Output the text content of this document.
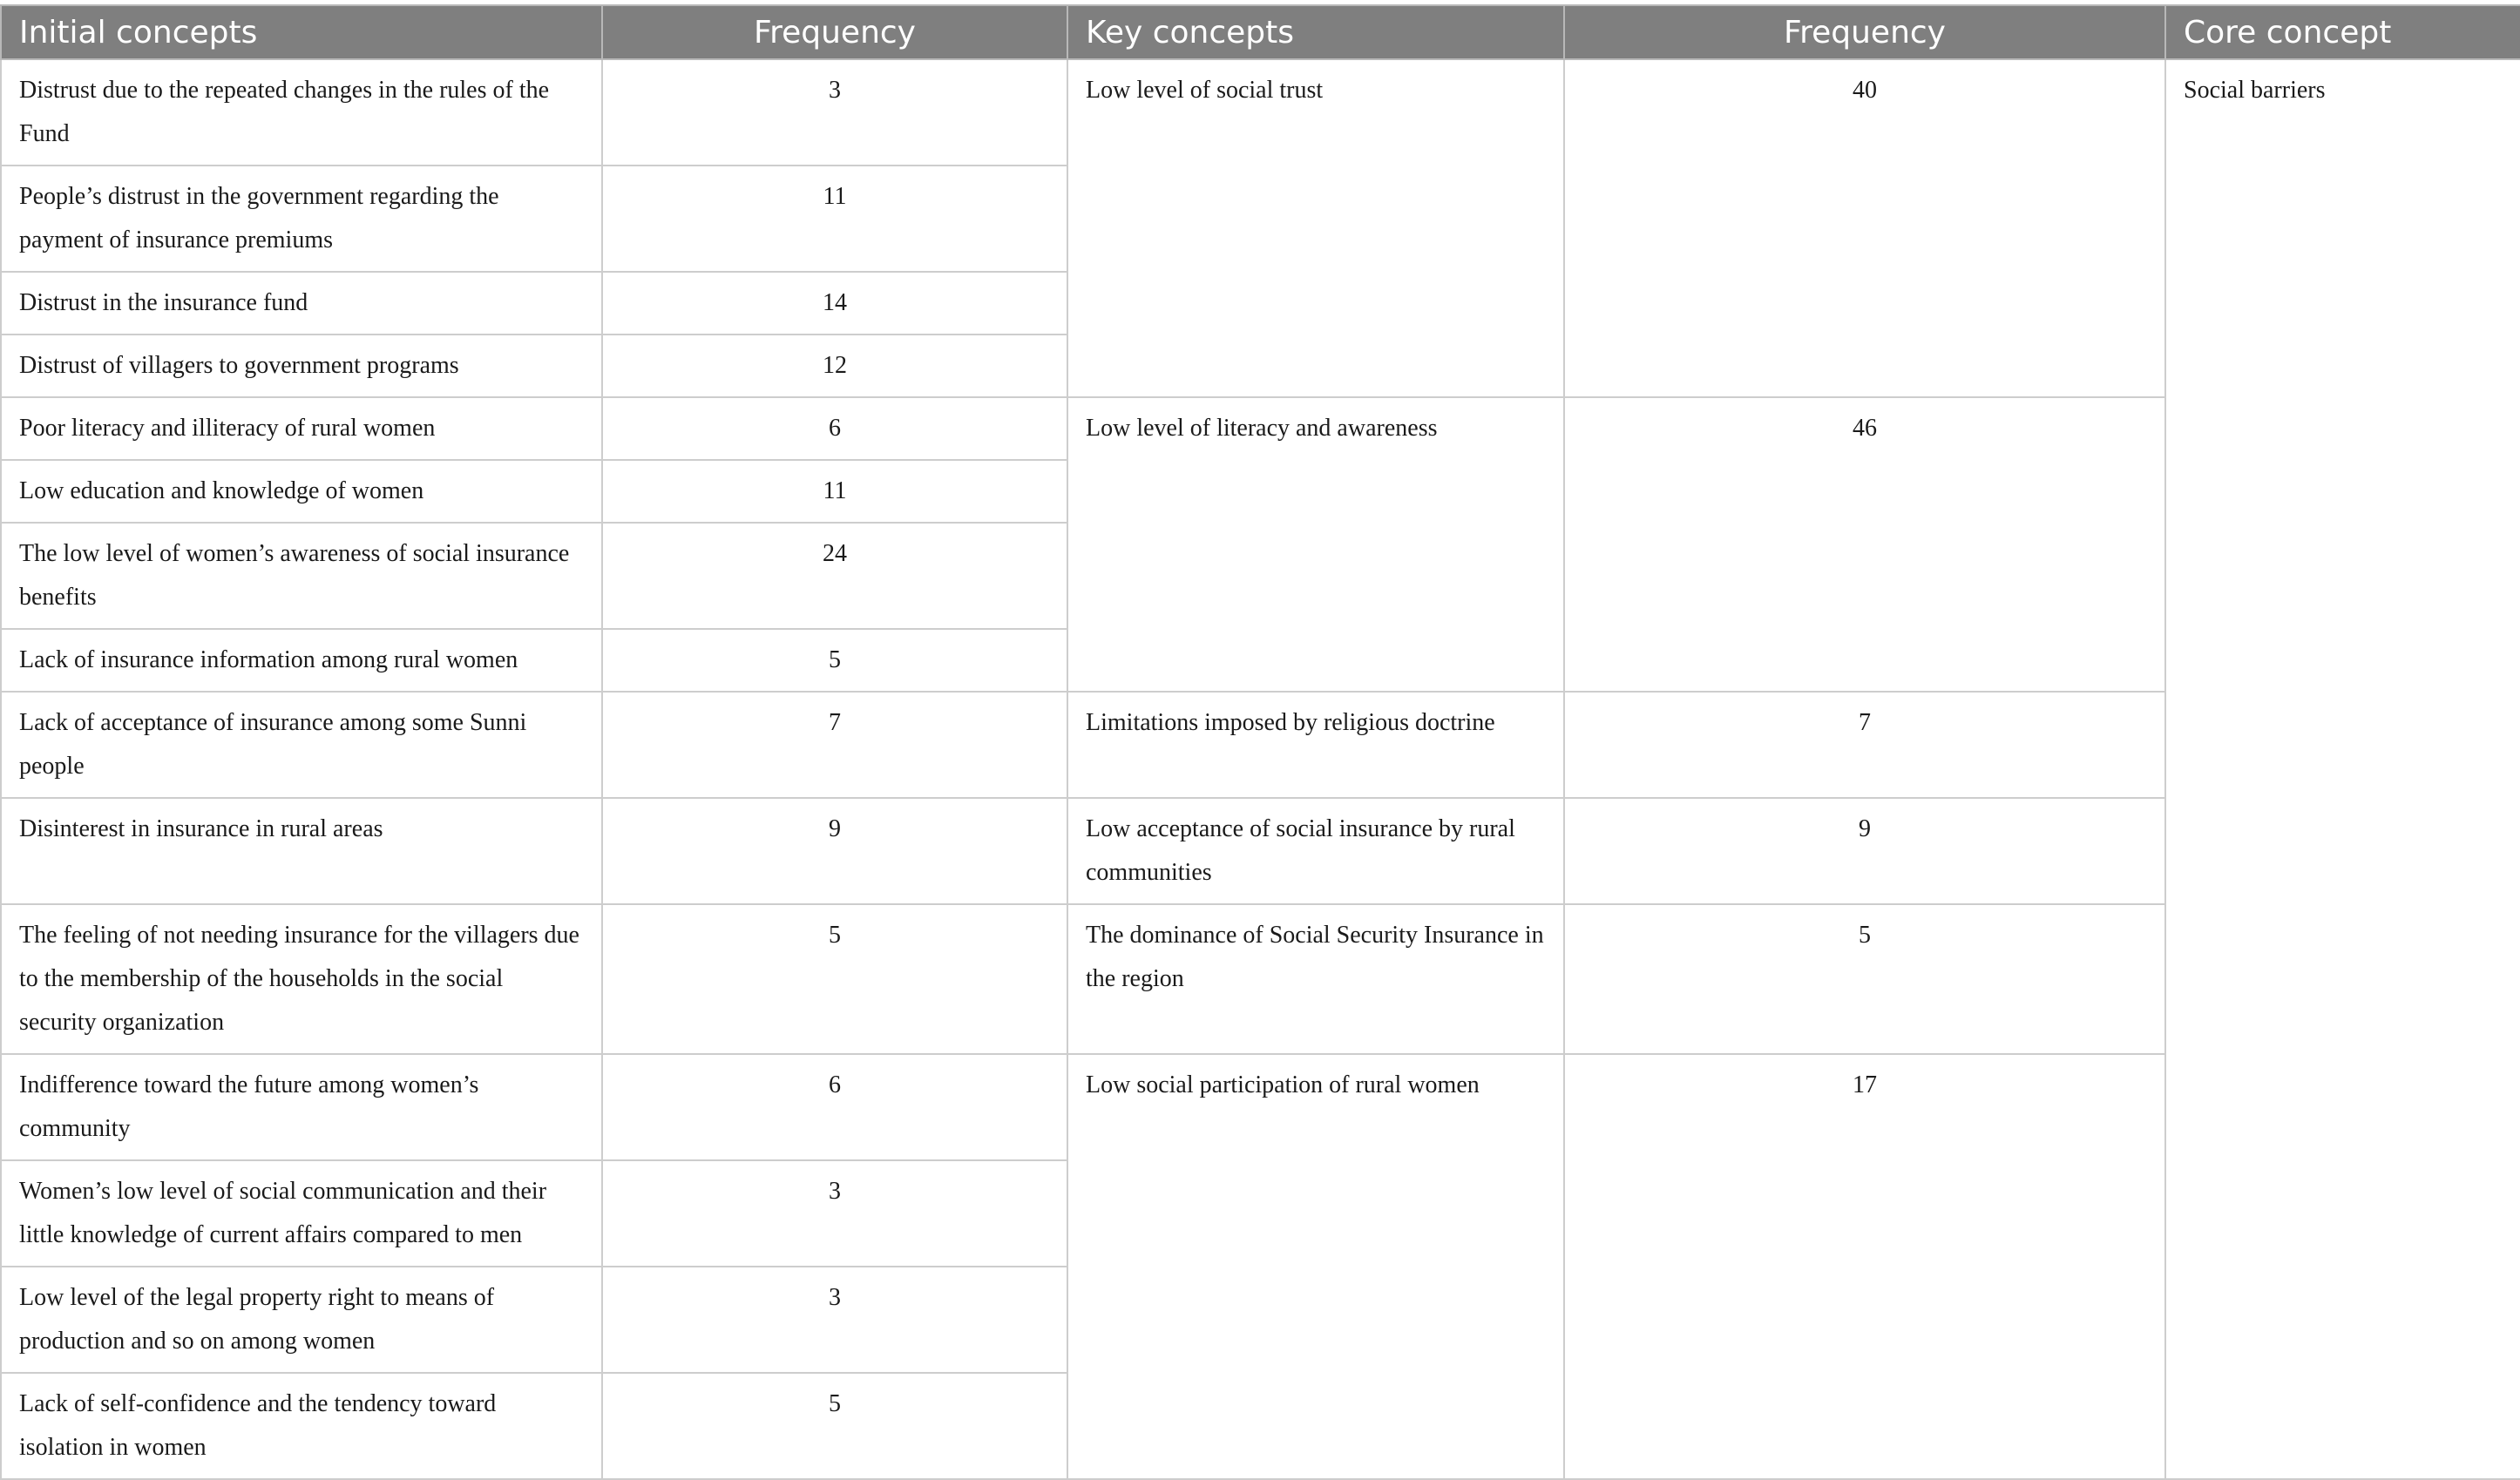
Initial concepts	Frequency	Key concepts	Frequency	Core concept
Distrust due to the repeated changes in the rules of the Fund	3	Low level of social trust	40	Social barriers
People’s distrust in the government regarding the payment of insurance premiums	11			
Distrust in the insurance fund	14			
Distrust of villagers to government programs	12			
Poor literacy and illiteracy of rural women	6	Low level of literacy and awareness	46	
Low education and knowledge of women	11			
The low level of women’s awareness of social insurance benefits	24			
Lack of insurance information among rural women	5			
Lack of acceptance of insurance among some Sunni people	7	Limitations imposed by religious doctrine	7	
Disinterest in insurance in rural areas	9	Low acceptance of social insurance by rural communities	9	
The feeling of not needing insurance for the villagers due to the membership of the households in the social security organization	5	The dominance of Social Security Insurance in the region	5	
Indifference toward the future among women’s community	6	Low social participation of rural women	17	
Women’s low level of social communication and their little knowledge of current affairs compared to men	3			
Low level of the legal property right to means of production and so on among women	3			
Lack of self-confidence and the tendency toward isolation in women	5			
